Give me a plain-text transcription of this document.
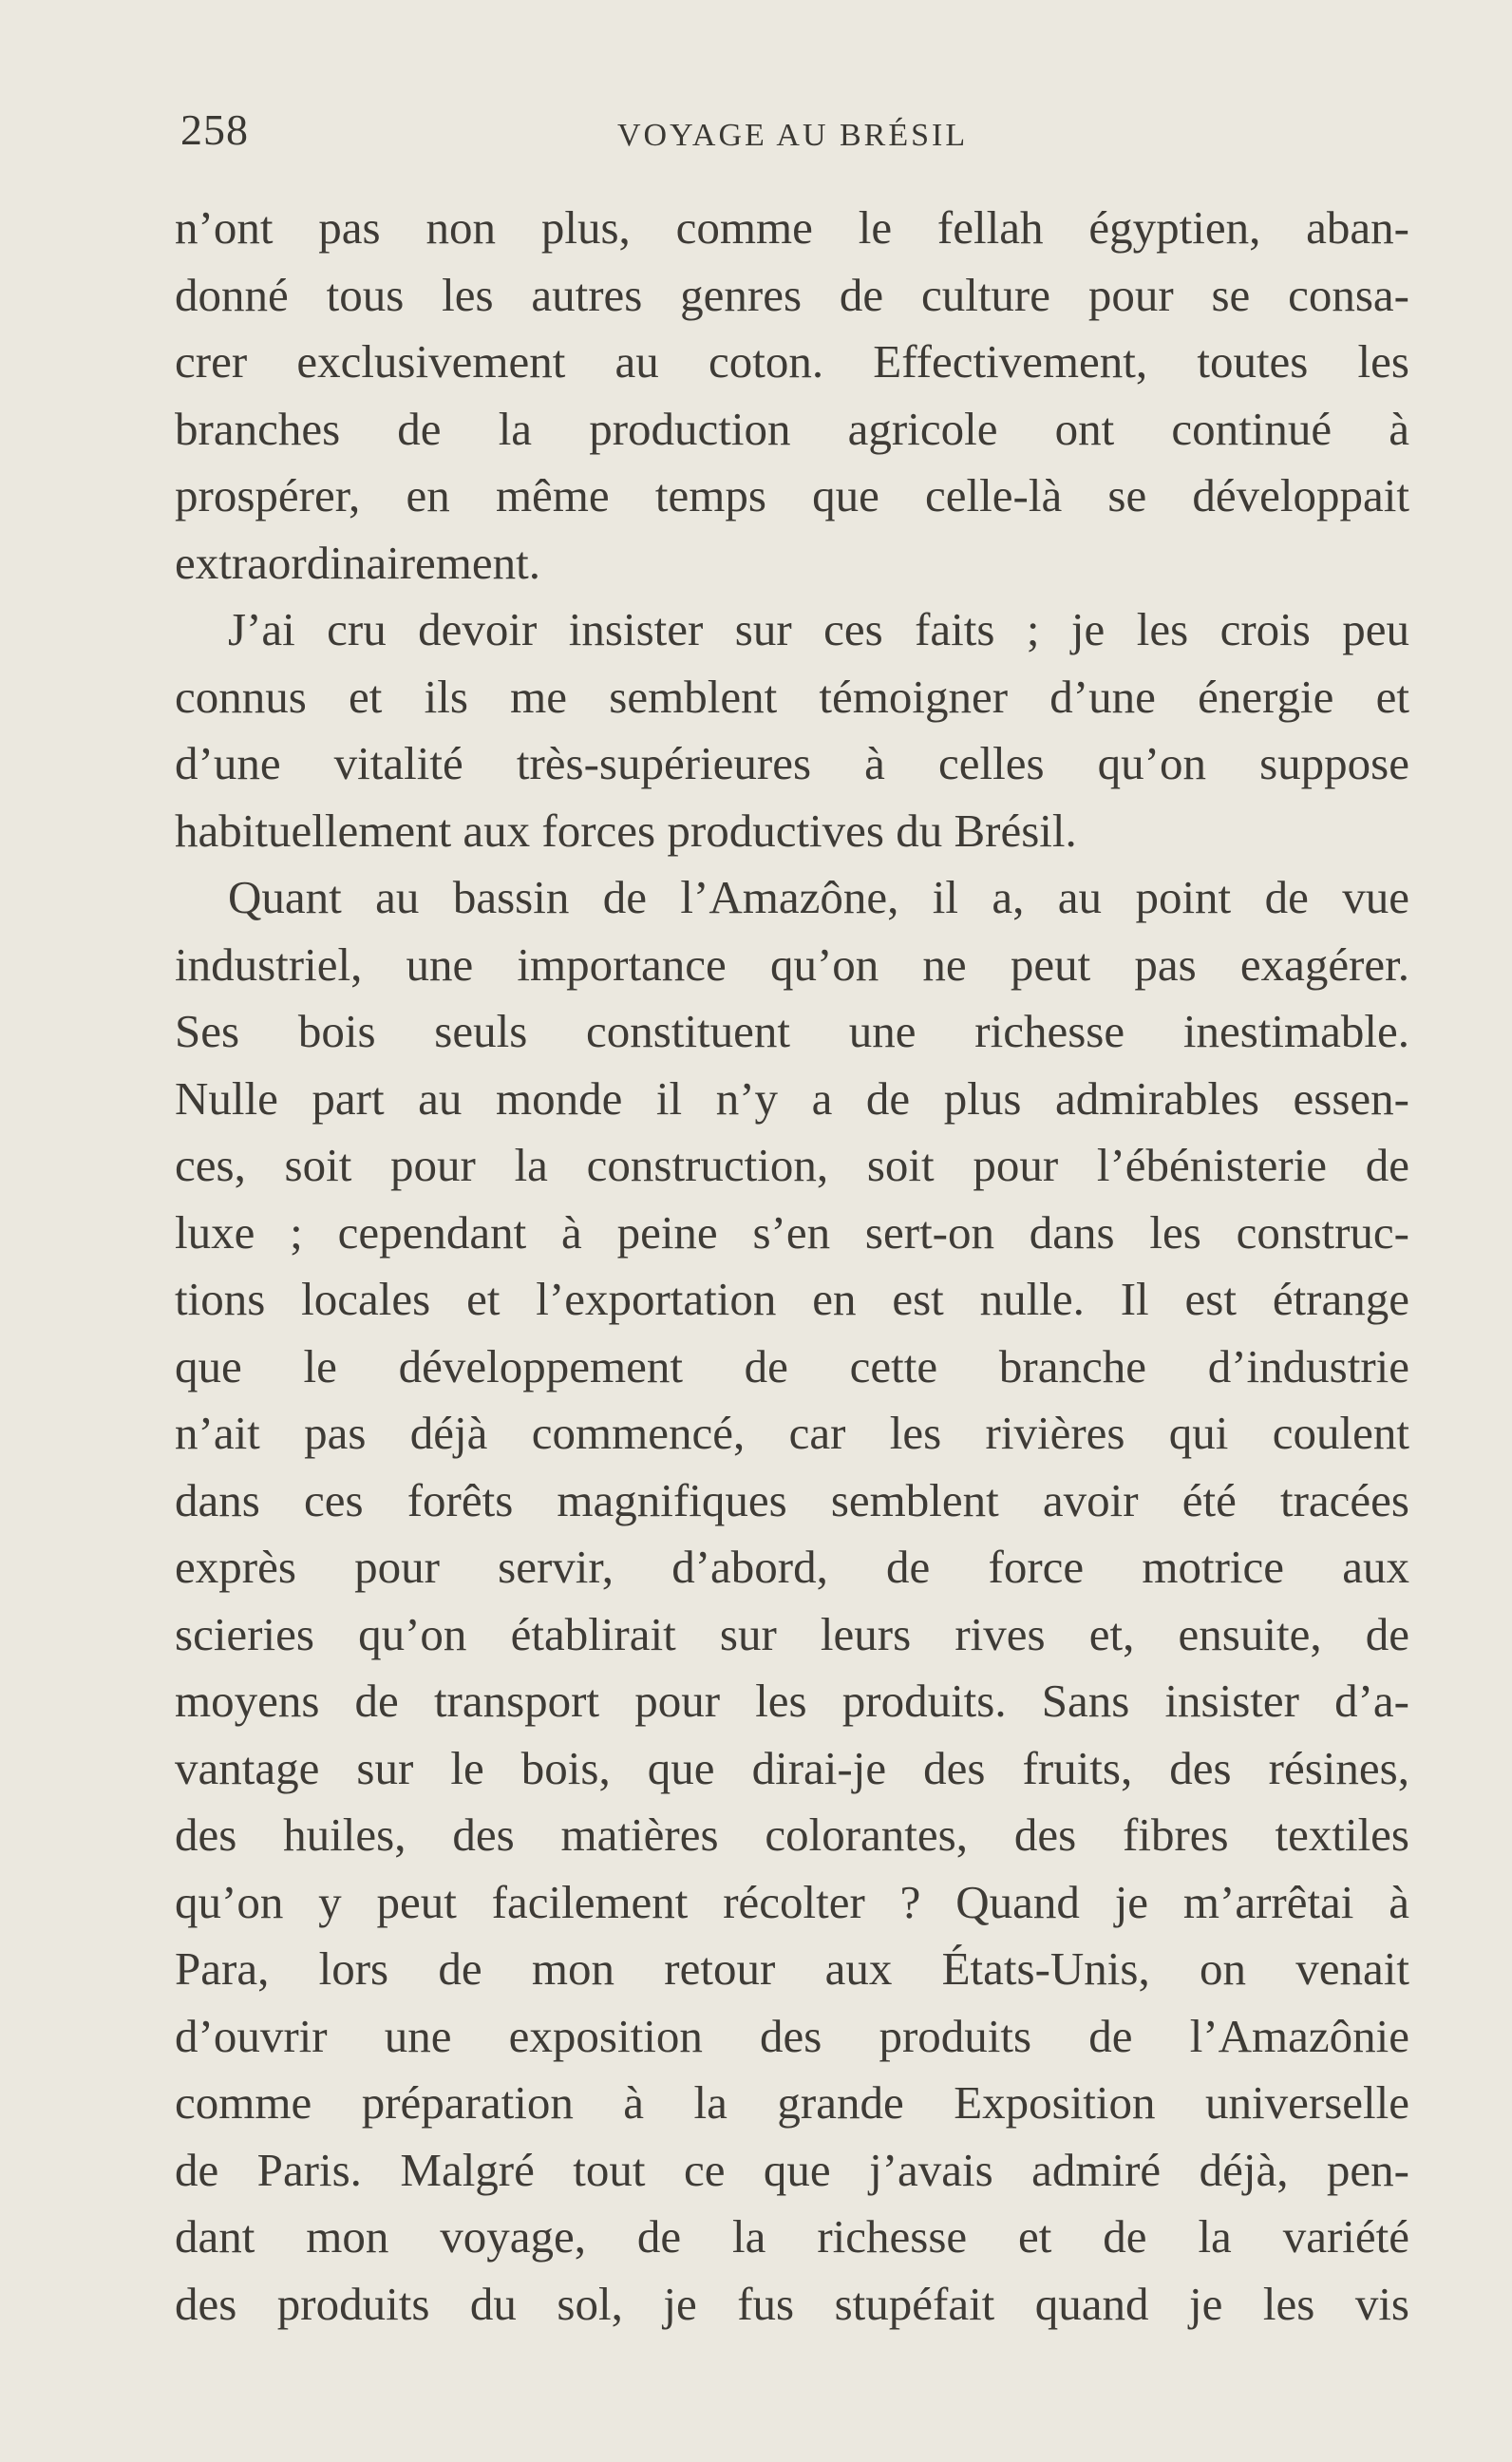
258	VOYAGE AU BRÉSIL
n’ont pas non plus, comme le fellah égyptien, aban-
donné tous les autres genres de culture pour se consa-
crer exclusivement au coton. Effectivement, toutes les
branches de la production agricole ont continué à
prospérer, en même temps que celle-là se développait
extraordinairement.
J’ai cru devoir insister sur ces faits ; je les crois peu
connus et ils me semblent témoigner d’une énergie et
d’une vitalité très-supérieures à celles qu’on suppose
habituellement aux forces productives du Brésil.
Quant au bassin de l’Amazône, il a, au point de vue
industriel, une importance qu’on ne peut pas exagérer.
Ses bois seuls constituent une richesse inestimable.
Nulle part au monde il n’y a de plus admirables essen-
ces, soit pour la construction, soit pour l’ébénisterie de
luxe ; cependant à peine s’en sert-on dans les construc-
tions locales et l’exportation en est nulle. Il est étrange
que le développement de cette branche d’industrie
n’ait pas déjà commencé, car les rivières qui coulent
dans ces forêts magnifiques semblent avoir été tracées
exprès pour servir, d’abord, de force motrice aux
scieries qu’on établirait sur leurs rives et, ensuite, de
moyens de transport pour les produits. Sans insister d’a-
vantage sur le bois, que dirai-je des fruits, des résines,
des huiles, des matières colorantes, des fibres textiles
qu’on y peut facilement récolter ? Quand je m’arrêtai à
Para, lors de mon retour aux États-Unis, on venait
d’ouvrir une exposition des produits de l’Amazônie
comme préparation à la grande Exposition universelle
de Paris. Malgré tout ce que j’avais admiré déjà, pen-
dant mon voyage, de la richesse et de la variété
des produits du sol, je fus stupéfait quand je les vis
